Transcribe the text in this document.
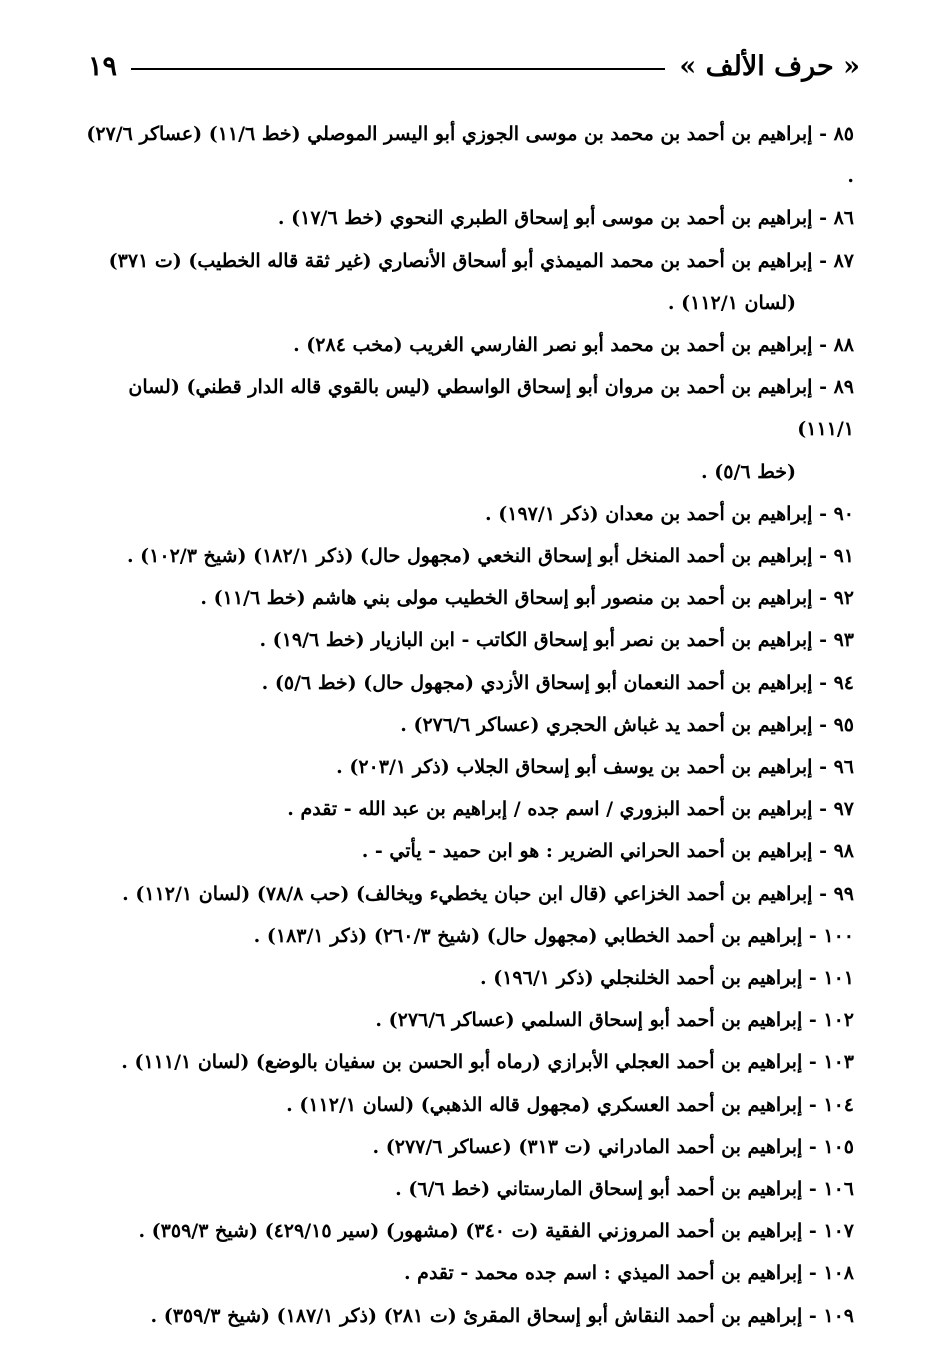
« حرف الألف »
١٩
٨٥ - إبراهيم بن أحمد بن محمد بن موسى الجوزي أبو اليسر الموصلي (خط ١١/٦) (عساكر ٢٧/٦) .
٨٦ - إبراهيم بن أحمد بن موسى أبو إسحاق الطبري النحوي (خط ١٧/٦) .
٨٧ - إبراهيم بن أحمد بن محمد الميمذي أبو أسحاق الأنصاري (غير ثقة قاله الخطيب) (ت ٣٧١)
(لسان ١١٢/١) .
٨٨ - إبراهيم بن أحمد بن محمد أبو نصر الفارسي الغريب (مخب ٢٨٤) .
٨٩ - إبراهيم بن أحمد بن مروان أبو إسحاق الواسطي (ليس بالقوي قاله الدار قطني) (لسان ١١١/١)
(خط ٥/٦) .
٩٠ - إبراهيم بن أحمد بن معدان (ذكر ١٩٧/١) .
٩١ - إبراهيم بن أحمد المنخل أبو إسحاق النخعي (مجهول حال) (ذكر ١٨٢/١) (شيخ ١٠٢/٣) .
٩٢ - إبراهيم بن أحمد بن منصور أبو إسحاق الخطيب مولى بني هاشم (خط ١١/٦) .
٩٣ - إبراهيم بن أحمد بن نصر أبو إسحاق الكاتب - ابن البازيار (خط ١٩/٦) .
٩٤ - إبراهيم بن أحمد النعمان أبو إسحاق الأزدي (مجهول حال) (خط ٥/٦) .
٩٥ - إبراهيم بن أحمد يد غباش الحجري (عساكر ٢٧٦/٦) .
٩٦ - إبراهيم بن أحمد بن يوسف أبو إسحاق الجلاب (ذكر ٢٠٣/١) .
٩٧ - إبراهيم بن أحمد البزوري / اسم جده / إبراهيم بن عبد الله - تقدم .
٩٨ - إبراهيم بن أحمد الحراني الضرير : هو ابن حميد - يأتي - .
٩٩ - إبراهيم بن أحمد الخزاعي (قال ابن حبان يخطيء ويخالف) (حب ٧٨/٨) (لسان ١١٢/١) .
١٠٠ - إبراهيم بن أحمد الخطابي (مجهول حال) (شيخ ٢٦٠/٣) (ذكر ١٨٣/١) .
١٠١ - إبراهيم بن أحمد الخلنجلي (ذكر ١٩٦/١) .
١٠٢ - إبراهيم بن أحمد أبو إسحاق السلمي (عساكر ٢٧٦/٦) .
١٠٣ - إبراهيم بن أحمد العجلي الأبرازي (رماه أبو الحسن بن سفيان بالوضع) (لسان ١١١/١) .
١٠٤ - إبراهيم بن أحمد العسكري (مجهول قاله الذهبي) (لسان ١١٢/١) .
١٠٥ - إبراهيم بن أحمد المادراني (ت ٣١٣) (عساكر ٢٧٧/٦) .
١٠٦ - إبراهيم بن أحمد أبو إسحاق المارستاني (خط ٦/٦) .
١٠٧ - إبراهيم بن أحمد المروزني الفقية (ت ٣٤٠) (مشهور) (سير ٤٢٩/١٥) (شيخ ٣٥٩/٣) .
١٠٨ - إبراهيم بن أحمد الميذي : اسم جده محمد - تقدم .
١٠٩ - إبراهيم بن أحمد النقاش أبو إسحاق المقرئ (ت ٢٨١) (ذكر ١٨٧/١) (شيخ ٣٥٩/٣) .
